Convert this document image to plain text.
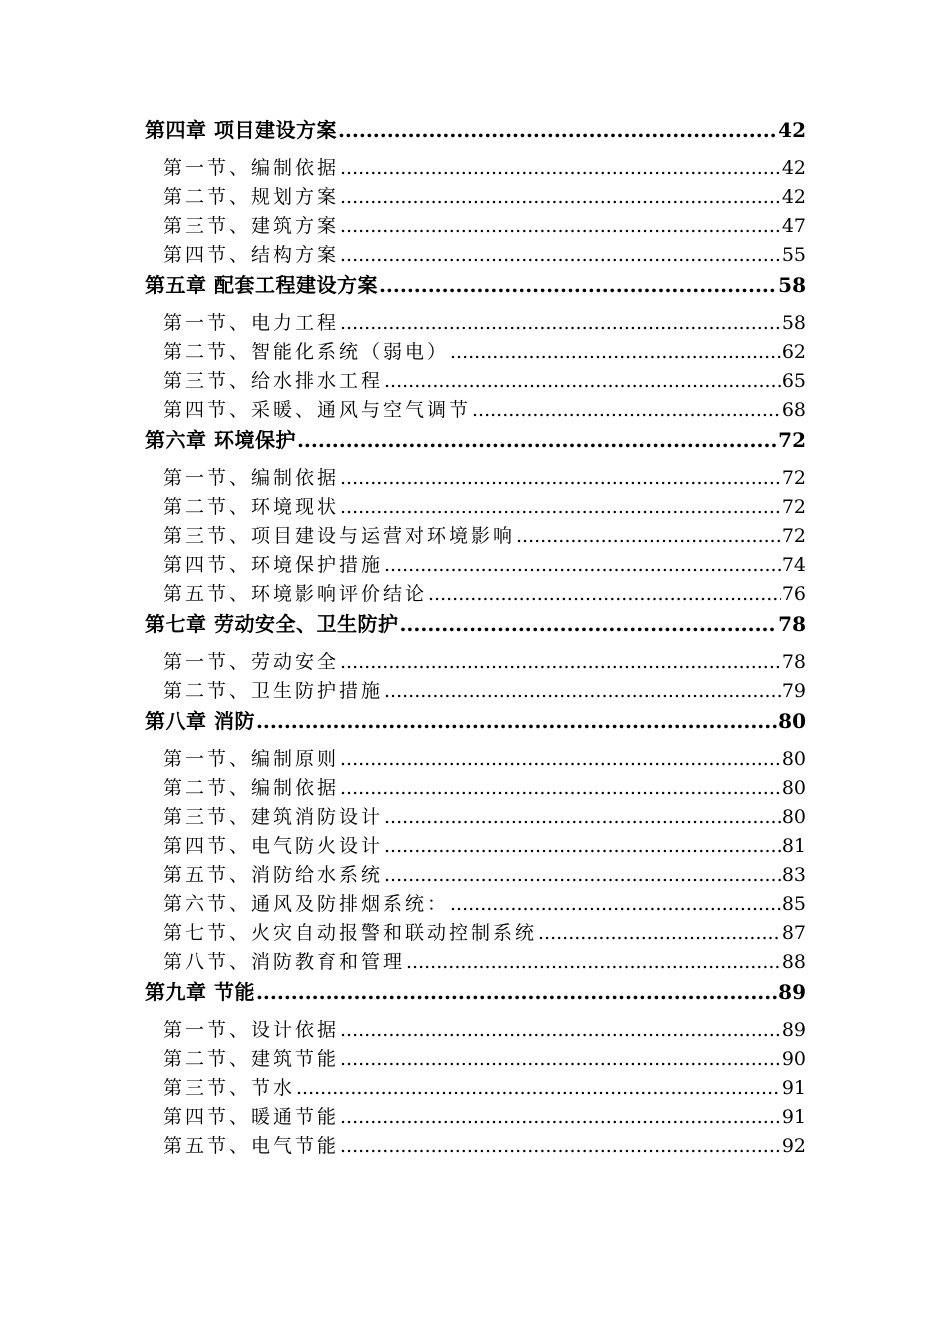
第四章 项目建设方案 .....	42
第一节、编制依据 .....	42
第二节、规划方案 .....	42
第三节、建筑方案 .....	47
第四节、结构方案 .....	55
第五章 配套工程建设方案 .....	58
第一节、电力工程 .....	58
第二节、智能化系统（弱电） .....	62
第三节、给水排水工程 .....	65
第四节、采暖、通风与空气调节 .....	68
第六章 环境保护 .....	72
第一节、编制依据 .....	72
第二节、环境现状 .....	72
第三节、项目建设与运营对环境影响 .....	72
第四节、环境保护措施 .....	74
第五节、环境影响评价结论 .....	76
第七章 劳动安全、卫生防护 .....	78
第一节、劳动安全 .....	78
第二节、卫生防护措施 .....	79
第八章 消防 .....	80
第一节、编制原则 .....	80
第二节、编制依据 .....	80
第三节、建筑消防设计 .....	80
第四节、电气防火设计 .....	81
第五节、消防给水系统 .....	83
第六节、通风及防排烟系统： .....	85
第七节、火灾自动报警和联动控制系统 .....	87
第八节、消防教育和管理 .....	88
第九章 节能 .....	89
第一节、设计依据 .....	89
第二节、建筑节能 .....	90
第三节、节水 .....	91
第四节、暖通节能 .....	91
第五节、电气节能 .....	92
